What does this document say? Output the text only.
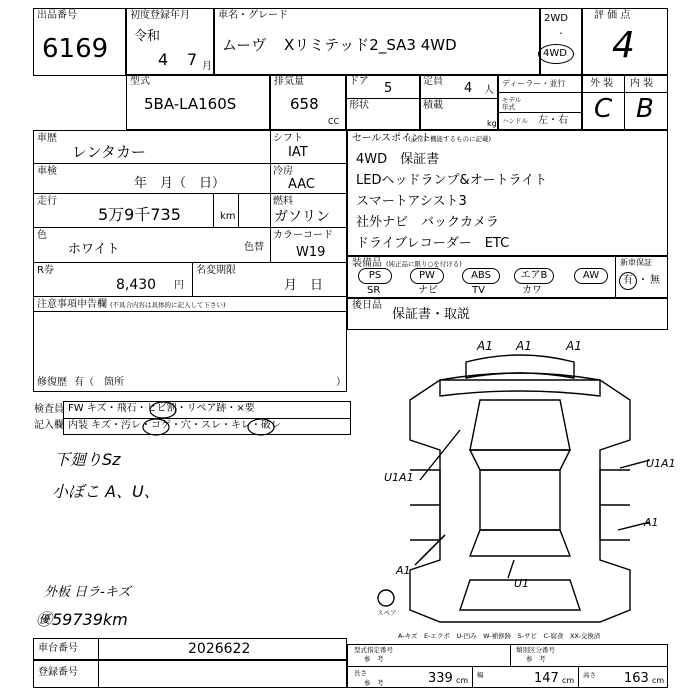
出品番号
6169
初度登録年月
令和
4 7 月
車名・グレード
ムーヴ Xリミテッド2_SA3 4WD
2WD
・
4WD
評 価 点
4
型式
5BA-LA160S
排気量
658
CC
ドア 5
形状
定員 4 人
積載
kg
ディーラー・並行
モデル年式
ハンドル 左・右
外 装 内 装
C B
車歴
レンタカー
シフト
IAT
車検
年　月（　日）
冷房
AAC
走行
5万9千735	km
燃料
ガソリン
色
ホワイト	色替
カラーコード
W19
R券
8,430 円
名変期限
月　日
注意事項申告欄 (不具合内容は具体的に記入して下さい)
修復歴 有（　箇所	）
セールスポイント
(正常に機能するものに記載)
4WD　保証書
LEDヘッドランプ&オートライト
スマートアシスト3
社外ナビ　バックカメラ
ドライブレコーダー　ETC
装備品 (純正品に限り○を付ける)	新車保証
有 ・ 無
PS	PW	ABS	エアB	AW
SR	ナビ	TV	カワ
後日品
保証書・取説
検査員
記入欄
FW キズ・飛石・ヒビ割・リペア跡・×要
内装 キズ・汚レ・コゲ・穴・スレ・キレ・破レ
下廻りSz
小ぼこ A、U、
外板 日ラ-キズ
㊝59739km
A1 A1	A1
U1A1
U1A1
A1
A1
U1
スペア
A-キズ　E-エクボ　U-凹み　W-補修跡　S-サビ　C-腐食　XX-交換済
車台番号	2026622
登録番号
型式指定番号
参　考
類別区分番号
参　考
長さ
参　考	339 cm
幅	147 cm
高さ 163 cm
